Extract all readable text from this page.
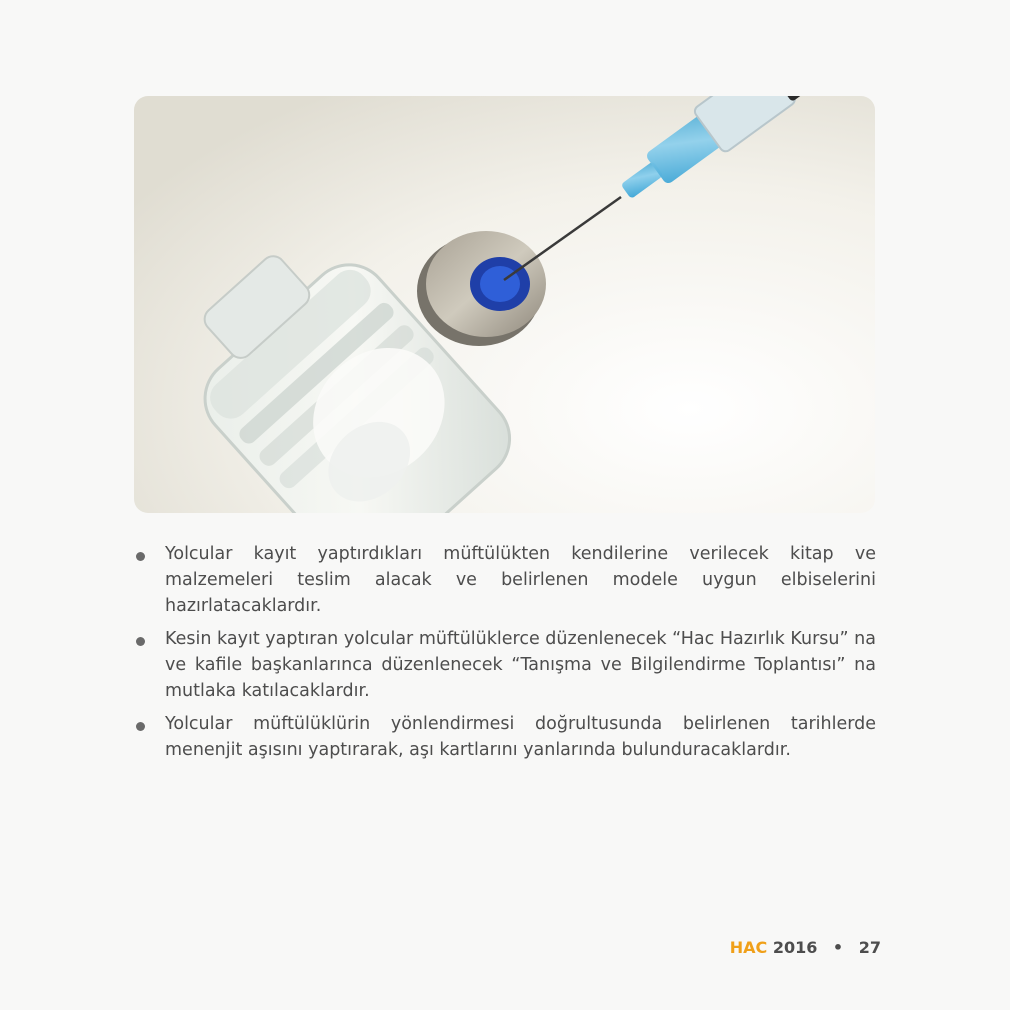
Yolcular kayıt yaptırdıkları müftülükten kendilerine verilecek kitap ve malzemeleri teslim alacak ve belirlenen modele uygun elbiselerini hazırlatacaklardır.
Kesin kayıt yaptıran yolcular müftülüklerce düzenlenecek “Hac Hazırlık Kursu” na ve kafile başkanlarınca düzenlenecek “Tanışma ve Bilgilendirme Toplantısı” na mutlaka katılacaklardır.
Yolcular müftülüklürin yönlendirmesi doğrultusunda belirlenen tarihlerde menenjit aşısını yaptırarak, aşı kartlarını yanlarında bulunduracaklardır.
HAC 2016 • 27
